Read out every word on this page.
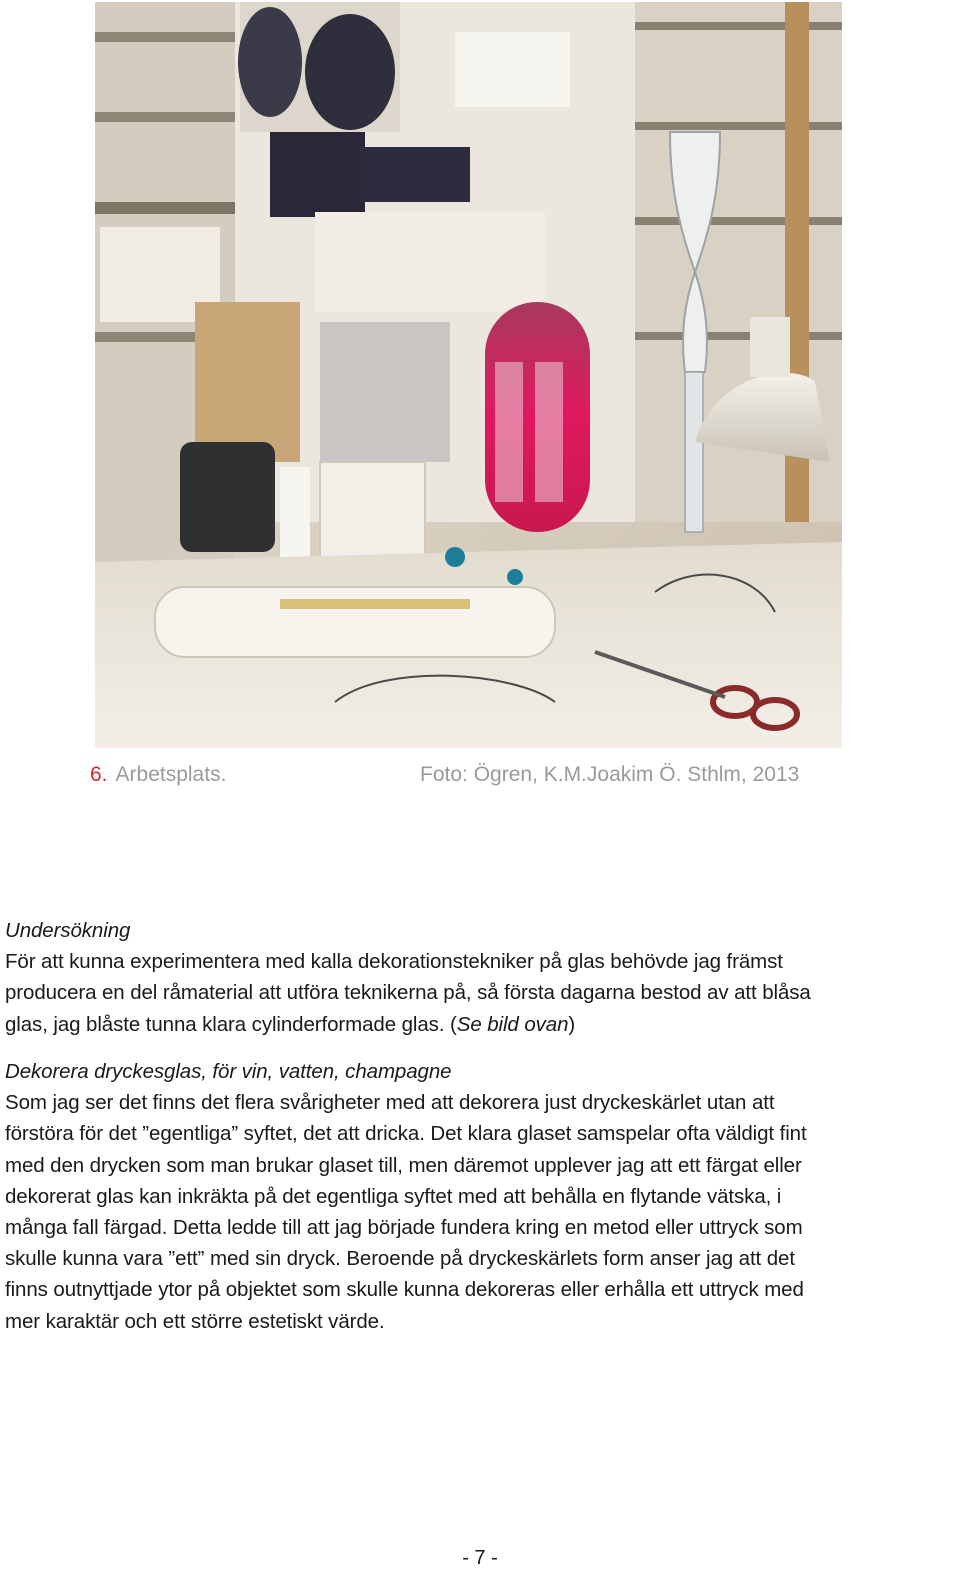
6. Arbetsplats.	Foto: Ögren, K.M.Joakim Ö. Sthlm, 2013
Undersökning
För att kunna experimentera med kalla dekorationstekniker på glas behövde jag främst
producera en del råmaterial att utföra teknikerna på, så första dagarna bestod av att blåsa
glas, jag blåste tunna klara cylinderformade glas. (Se bild ovan)
Dekorera dryckesglas, för vin, vatten, champagne
Som jag ser det finns det flera svårigheter med att dekorera just dryckeskärlet utan att
förstöra för det ”egentliga” syftet, det att dricka. Det klara glaset samspelar ofta väldigt fint
med den drycken som man brukar glaset till, men däremot upplever jag att ett färgat eller
dekorerat glas kan inkräkta på det egentliga syftet med att behålla en flytande vätska, i
många fall färgad. Detta ledde till att jag började fundera kring en metod eller uttryck som
skulle kunna vara ”ett” med sin dryck. Beroende på dryckeskärlets form anser jag att det
finns outnyttjade ytor på objektet som skulle kunna dekoreras eller erhålla ett uttryck med
mer karaktär och ett större estetiskt värde.
- 7 -
